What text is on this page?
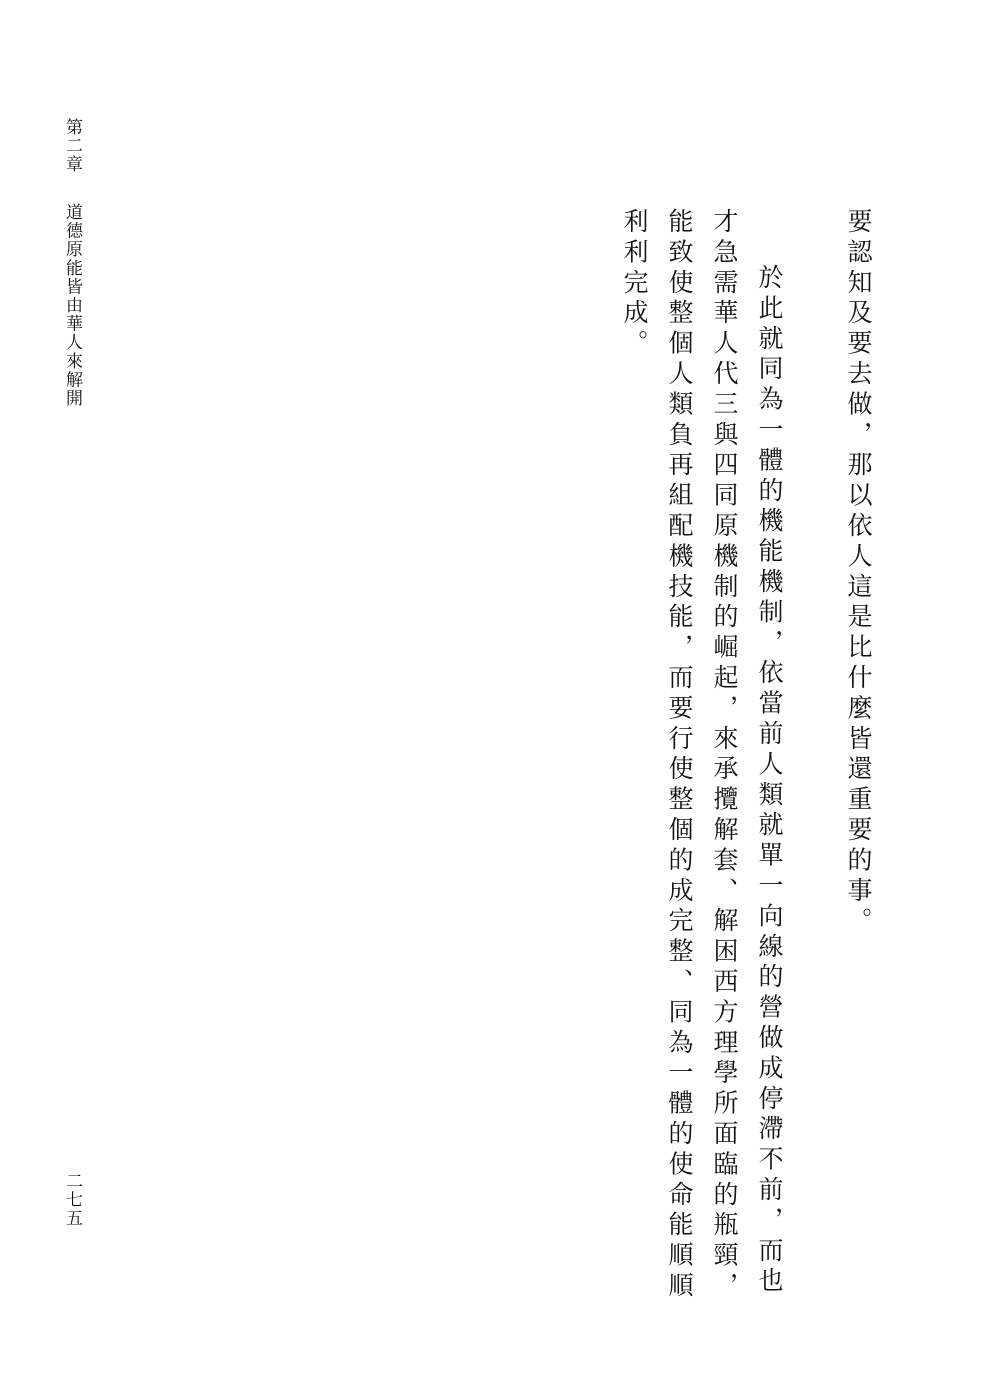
第二章
道德原能皆由華人來解開	要認知及要去做，那以依人這是比什麼皆還重要的事。
於此就同為一體的機能機制，依當前人類就單一向線的營做成停滯不前，而也
才急需華人代三與四同原機制的崛起，來承攬解套、解困西方理學所面臨的瓶頸，
能致使整個人類負再組配機技能，而要行使整個的成完整、同為一體的使命能順順
利利完成。
二七五
